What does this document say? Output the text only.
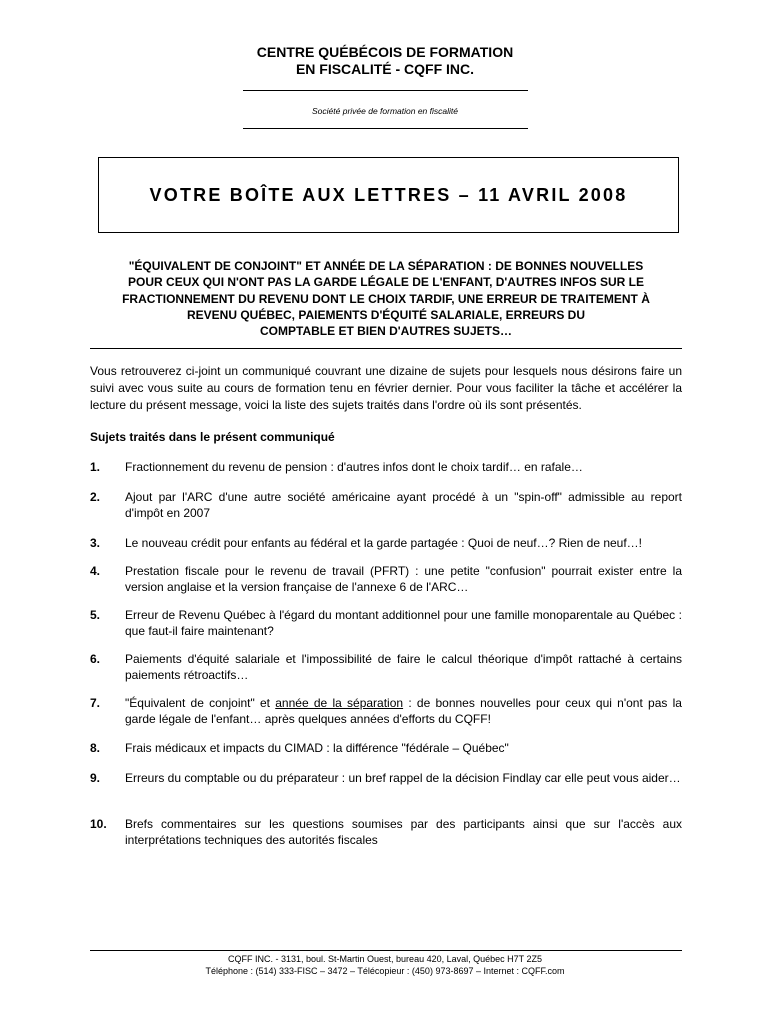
CENTRE QUÉBÉCOIS DE FORMATION
EN FISCALITÉ - CQFF INC.
Société privée de formation en fiscalité
VOTRE BOÎTE AUX LETTRES – 11 AVRIL 2008
"ÉQUIVALENT DE CONJOINT" ET ANNÉE DE LA SÉPARATION : DE BONNES NOUVELLES
POUR CEUX QUI N'ONT PAS LA GARDE LÉGALE DE L'ENFANT, D'AUTRES INFOS SUR LE
FRACTIONNEMENT DU REVENU DONT LE CHOIX TARDIF, UNE ERREUR DE TRAITEMENT À
REVENU QUÉBEC, PAIEMENTS D'ÉQUITÉ SALARIALE, ERREURS DU
COMPTABLE ET BIEN D'AUTRES SUJETS…
Vous retrouverez ci-joint un communiqué couvrant une dizaine de sujets pour lesquels nous désirons faire un suivi avec vous suite au cours de formation tenu en février dernier. Pour vous faciliter la tâche et accélérer la lecture du présent message, voici la liste des sujets traités dans l'ordre où ils sont présentés.
Sujets traités dans le présent communiqué
1. Fractionnement du revenu de pension : d'autres infos dont le choix tardif… en rafale…
2. Ajout par l'ARC d'une autre société américaine ayant procédé à un "spin-off" admissible au report d'impôt en 2007
3. Le nouveau crédit pour enfants au fédéral et la garde partagée : Quoi de neuf…? Rien de neuf…!
4. Prestation fiscale pour le revenu de travail (PFRT) : une petite "confusion" pourrait exister entre la version anglaise et la version française de l'annexe 6 de l'ARC…
5. Erreur de Revenu Québec à l'égard du montant additionnel pour une famille monoparentale au Québec : que faut-il faire maintenant?
6. Paiements d'équité salariale et l'impossibilité de faire le calcul théorique d'impôt rattaché à certains paiements rétroactifs…
7. "Équivalent de conjoint" et année de la séparation : de bonnes nouvelles pour ceux qui n'ont pas la garde légale de l'enfant… après quelques années d'efforts du CQFF!
8. Frais médicaux et impacts du CIMAD : la différence "fédérale – Québec"
9. Erreurs du comptable ou du préparateur : un bref rappel de la décision Findlay car elle peut vous aider…
10. Brefs commentaires sur les questions soumises par des participants ainsi que sur l'accès aux interprétations techniques des autorités fiscales
CQFF INC. - 3131, boul. St-Martin Ouest, bureau 420, Laval, Québec H7T 2Z5
Téléphone : (514) 333-FISC – 3472 – Télécopieur : (450) 973-8697 – Internet : CQFF.com
